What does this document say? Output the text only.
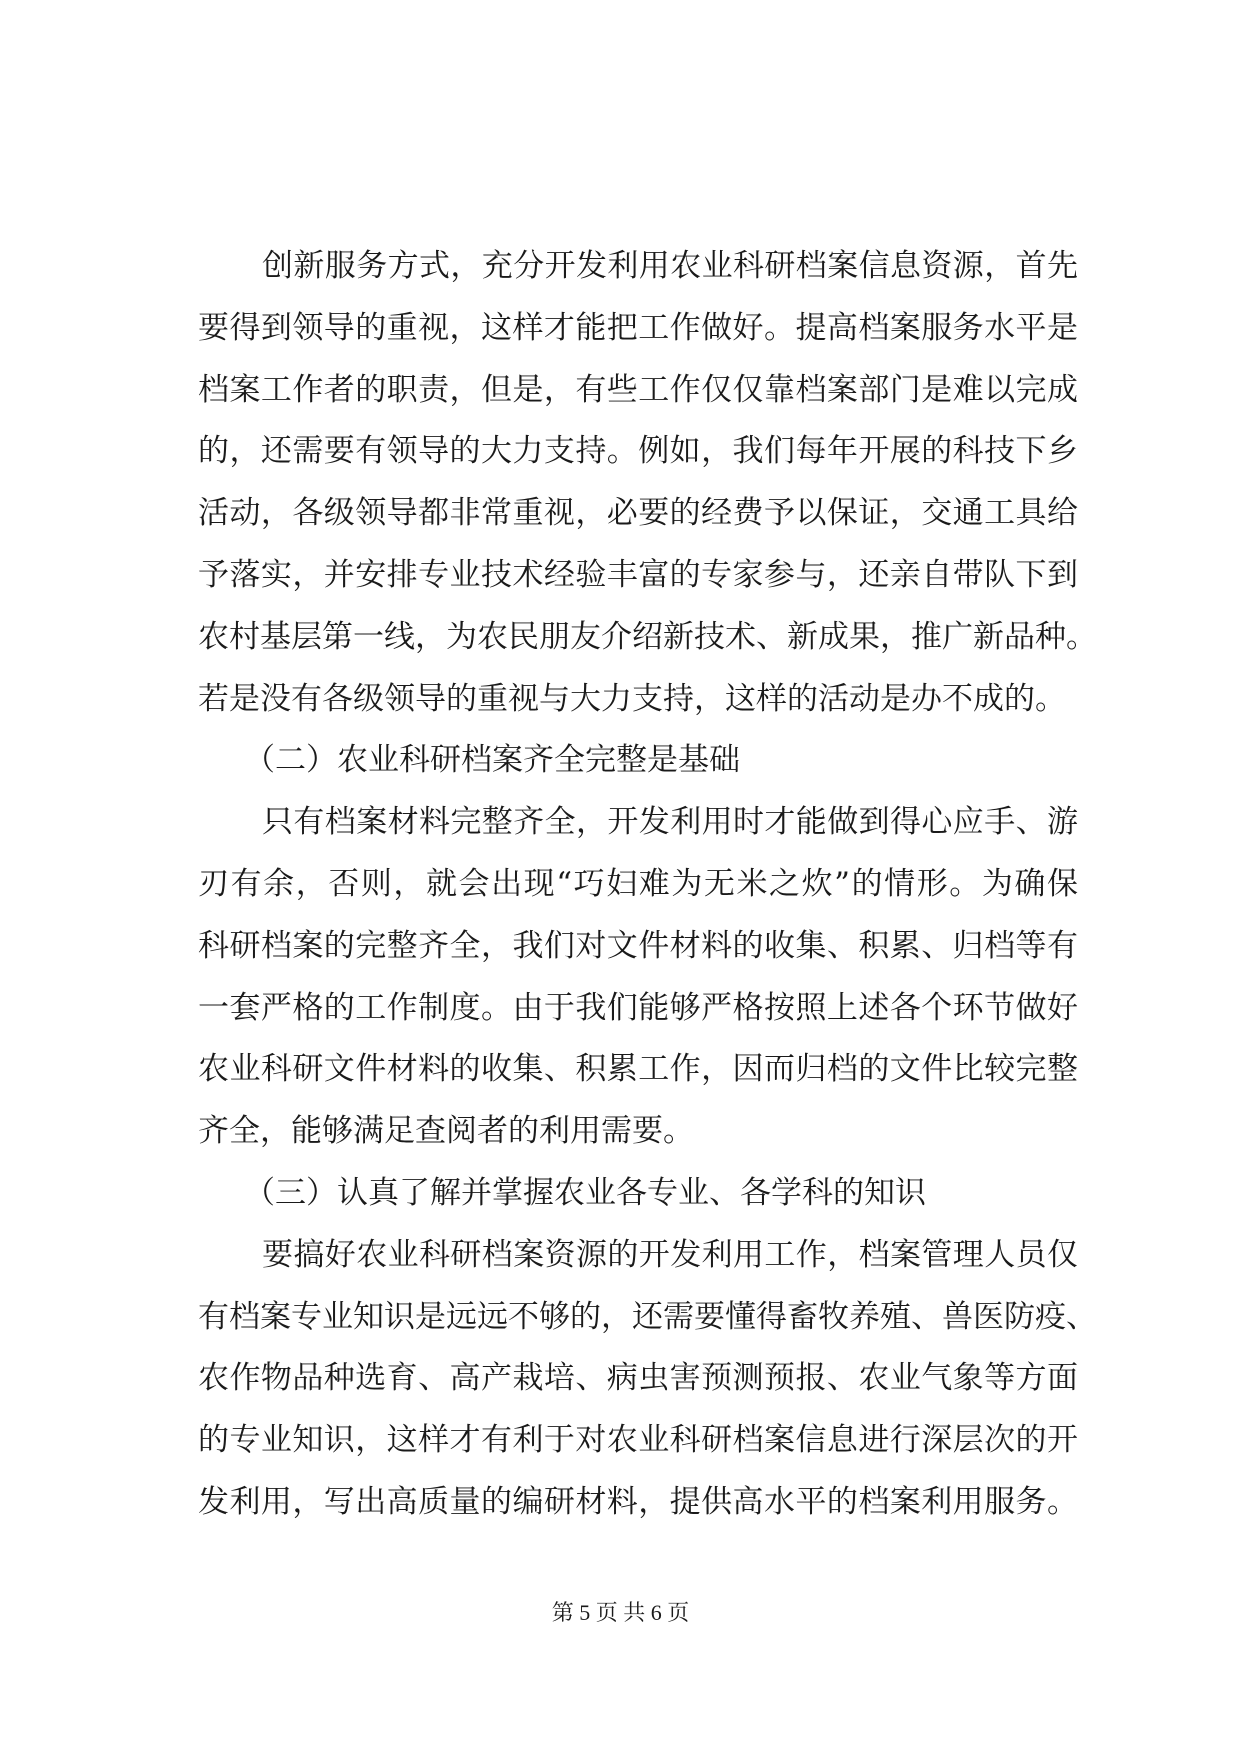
创新服务方式，充分开发利用农业科研档案信息资源，首先
要得到领导的重视，这样才能把工作做好。提高档案服务水平是
档案工作者的职责，但是，有些工作仅仅靠档案部门是难以完成
的，还需要有领导的大力支持。例如，我们每年开展的科技下乡
活动，各级领导都非常重视，必要的经费予以保证，交通工具给
予落实，并安排专业技术经验丰富的专家参与，还亲自带队下到
农村基层第一线，为农民朋友介绍新技术、新成果，推广新品种。
若是没有各级领导的重视与大力支持，这样的活动是办不成的。
（二）农业科研档案齐全完整是基础
只有档案材料完整齐全，开发利用时才能做到得心应手、游
刃有余，否则，就会出现“巧妇难为无米之炊”的情形。为确保
科研档案的完整齐全，我们对文件材料的收集、积累、归档等有
一套严格的工作制度。由于我们能够严格按照上述各个环节做好
农业科研文件材料的收集、积累工作，因而归档的文件比较完整
齐全，能够满足查阅者的利用需要。
（三）认真了解并掌握农业各专业、各学科的知识
要搞好农业科研档案资源的开发利用工作，档案管理人员仅
有档案专业知识是远远不够的，还需要懂得畜牧养殖、兽医防疫、
农作物品种选育、高产栽培、病虫害预测预报、农业气象等方面
的专业知识，这样才有利于对农业科研档案信息进行深层次的开
发利用，写出高质量的编研材料，提供高水平的档案利用服务。
第 5 页 共 6 页
